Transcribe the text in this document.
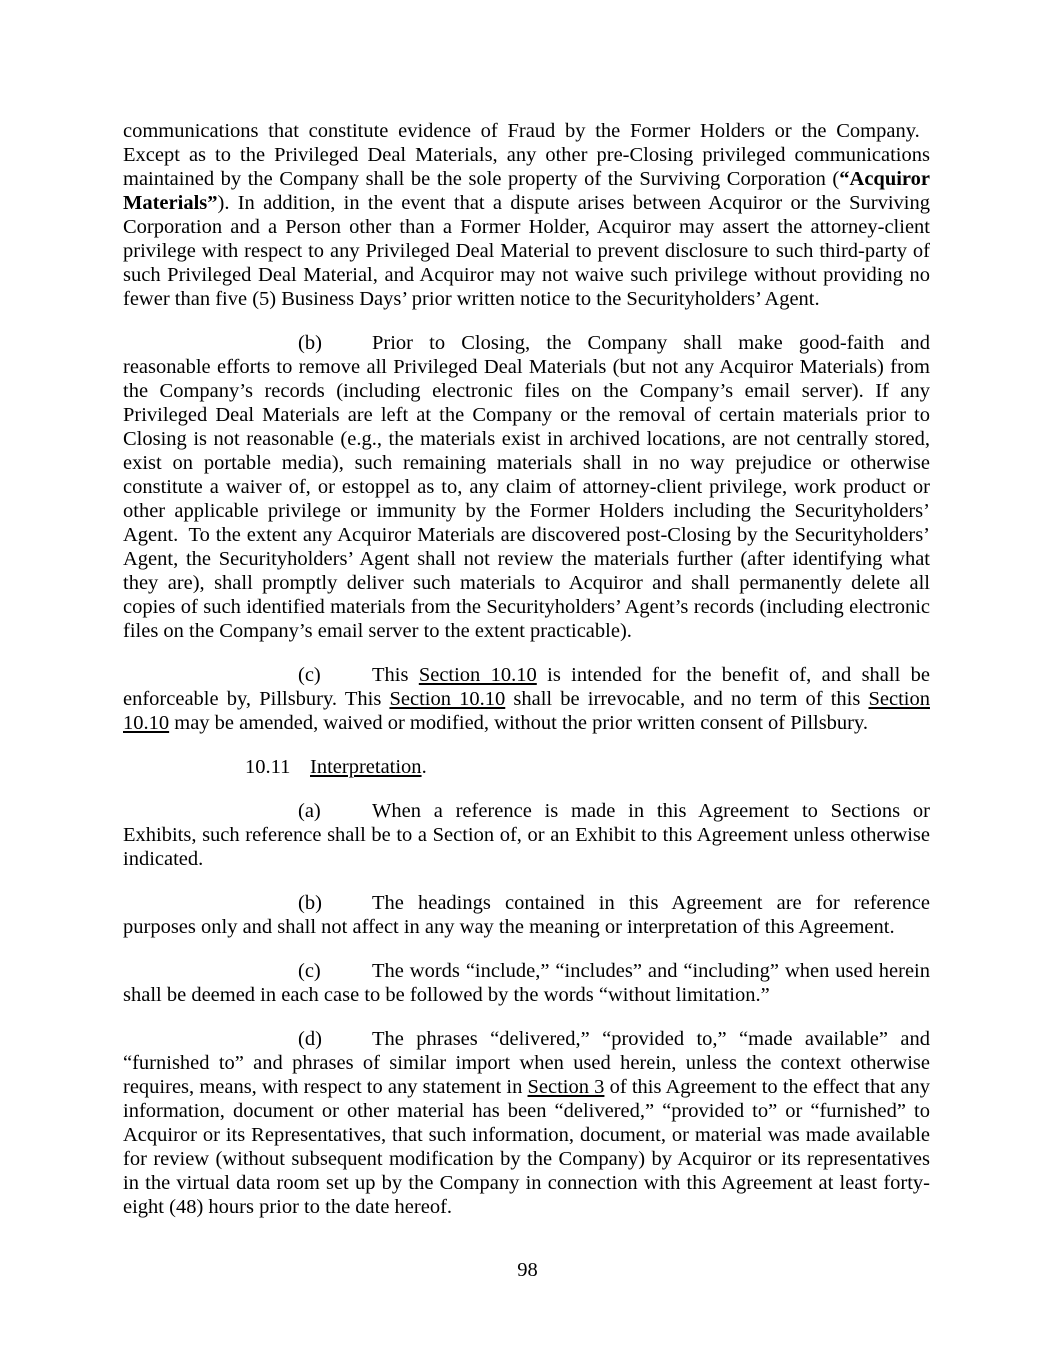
communications that constitute evidence of Fraud by the Former Holders or the Company. Except as to the Privileged Deal Materials, any other pre-Closing privileged communications maintained by the Company shall be the sole property of the Surviving Corporation (“Acquiror Materials”). In addition, in the event that a dispute arises between Acquiror or the Surviving Corporation and a Person other than a Former Holder, Acquiror may assert the attorney-client privilege with respect to any Privileged Deal Material to prevent disclosure to such third-party of such Privileged Deal Material, and Acquiror may not waive such privilege without providing no fewer than five (5) Business Days’ prior written notice to the Securityholders’ Agent.

(b) Prior to Closing, the Company shall make good-faith and reasonable efforts to remove all Privileged Deal Materials (but not any Acquiror Materials) from the Company’s records (including electronic files on the Company’s email server). If any Privileged Deal Materials are left at the Company or the removal of certain materials prior to Closing is not reasonable (e.g., the materials exist in archived locations, are not centrally stored, exist on portable media), such remaining materials shall in no way prejudice or otherwise constitute a waiver of, or estoppel as to, any claim of attorney-client privilege, work product or other applicable privilege or immunity by the Former Holders including the Securityholders’ Agent. To the extent any Acquiror Materials are discovered post-Closing by the Securityholders’ Agent, the Securityholders’ Agent shall not review the materials further (after identifying what they are), shall promptly deliver such materials to Acquiror and shall permanently delete all copies of such identified materials from the Securityholders’ Agent’s records (including electronic files on the Company’s email server to the extent practicable).

(c) This Section 10.10 is intended for the benefit of, and shall be enforceable by, Pillsbury. This Section 10.10 shall be irrevocable, and no term of this Section 10.10 may be amended, waived or modified, without the prior written consent of Pillsbury.

10.11 Interpretation.

(a) When a reference is made in this Agreement to Sections or Exhibits, such reference shall be to a Section of, or an Exhibit to this Agreement unless otherwise indicated.

(b) The headings contained in this Agreement are for reference purposes only and shall not affect in any way the meaning or interpretation of this Agreement.

(c) The words “include,” “includes” and “including” when used herein shall be deemed in each case to be followed by the words “without limitation.”

(d) The phrases “delivered,” “provided to,” “made available” and “furnished to” and phrases of similar import when used herein, unless the context otherwise requires, means, with respect to any statement in Section 3 of this Agreement to the effect that any information, document or other material has been “delivered,” “provided to” or “furnished” to Acquiror or its Representatives, that such information, document, or material was made available for review (without subsequent modification by the Company) by Acquiror or its representatives in the virtual data room set up by the Company in connection with this Agreement at least forty-eight (48) hours prior to the date hereof.

98
